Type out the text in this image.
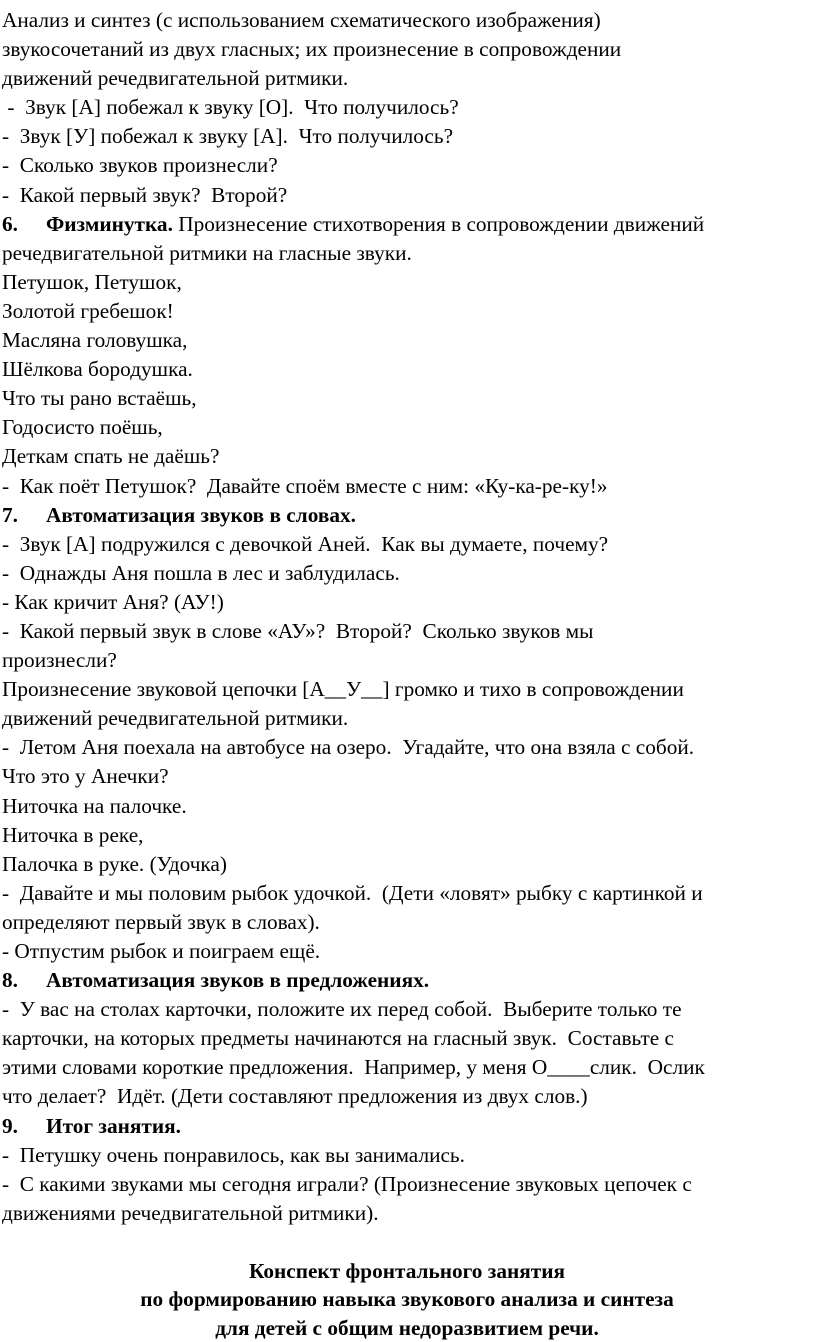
Анализ и синтез (с использованием схематического изображения)

звукосочетаний из двух гласных; их произнесение в сопровождении

движений речедвигательной ритмики.

-  Звук [А] побежал к звуку [О].  Что получилось?

-  Звук [У] побежал к звуку [А].  Что получилось?

-  Сколько звуков произнесли?

-  Какой первый звук?  Второй?

6. Физминутка. Произнесение стихотворения в сопровождении движений

речедвигательной ритмики на гласные звуки.

Петушок, Петушок,

Золотой гребешок!

Масляна головушка,

Шёлкова бородушка.

Что ты рано встаёшь,

Годосисто поёшь,

Деткам спать не даёшь?

-  Как поёт Петушок?  Давайте споём вместе с ним: «Ку-ка-ре-ку!»

7. Автоматизация звуков в словах.

-  Звук [А] подружился с девочкой Аней.  Как вы думаете, почему?

-  Однажды Аня пошла в лес и заблудилась.

- Как кричит Аня? (АУ!)

-  Какой первый звук в слове «АУ»?  Второй?  Сколько звуков мы

произнесли?

Произнесение звуковой цепочки [А__У__] громко и тихо в сопровождении

движений речедвигательной ритмики.

-  Летом Аня поехала на автобусе на озеро.  Угадайте, что она взяла с собой.

Что это у Анечки?

Ниточка на палочке.

Ниточка в реке,

Палочка в руке. (Удочка)

-  Давайте и мы половим рыбок удочкой.  (Дети «ловят» рыбку с картинкой и

определяют первый звук в словах).

- Отпустим рыбок и поиграем ещё.

8. Автоматизация звуков в предложениях.

-  У вас на столах карточки, положите их перед собой.  Выберите только те

карточки, на которых предметы начинаются на гласный звук.  Составьте с

этими словами короткие предложения.  Например, у меня О____слик.  Ослик

что делает?  Идёт. (Дети составляют предложения из двух слов.)

9. Итог занятия.

-  Петушку очень понравилось, как вы занимались.

-  С какими звуками мы сегодня играли? (Произнесение звуковых цепочек с

движениями речедвигательной ритмики).

Конспект фронтального занятия

по формированию навыка звукового анализа и синтеза

для детей с общим недоразвитием речи.
